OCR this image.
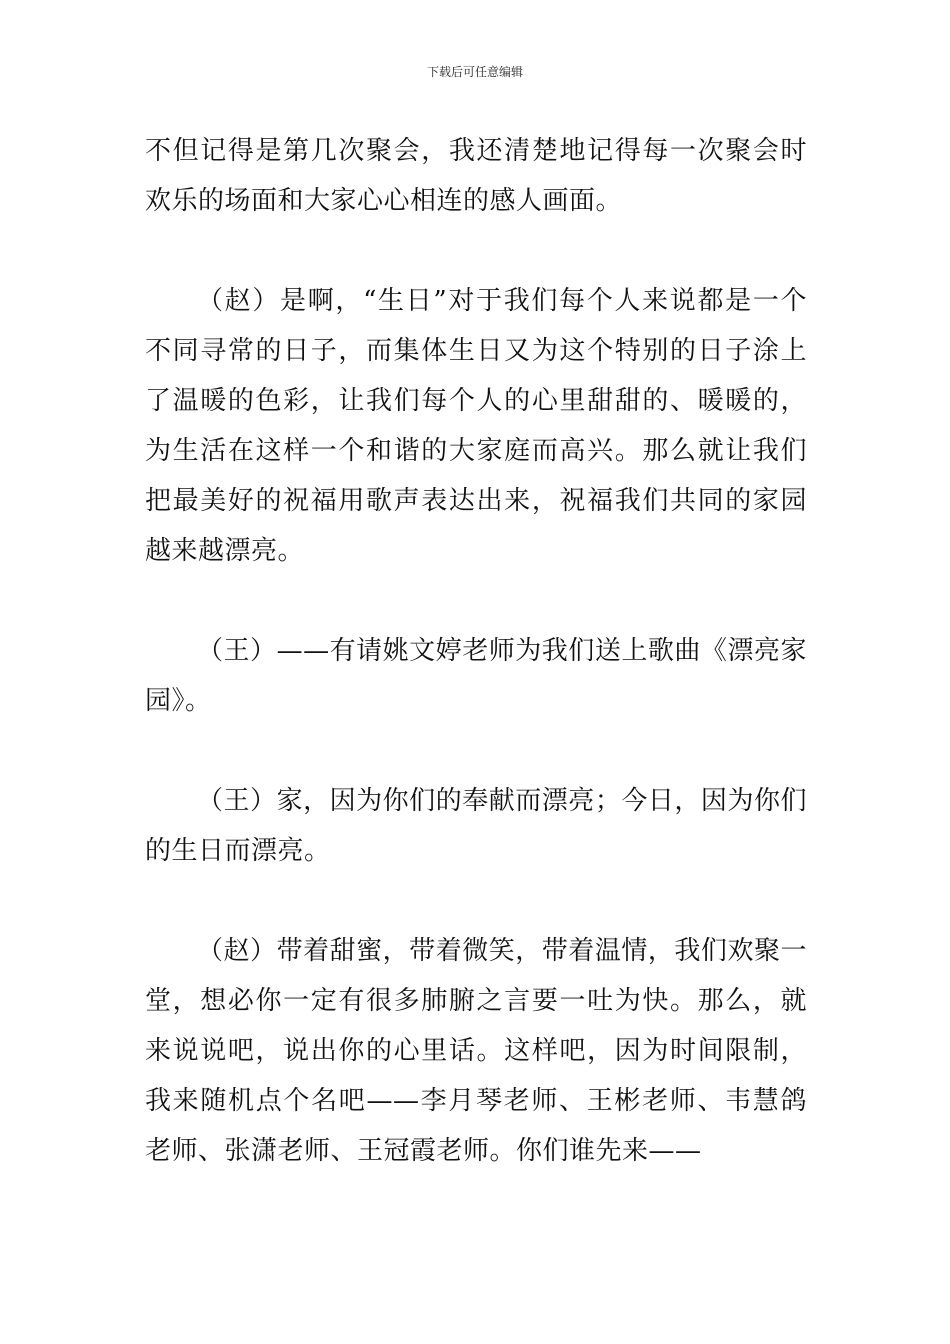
下载后可任意编辑

不但记得是第几次聚会，我还清楚地记得每一次聚会时欢乐的场面和大家心心相连的感人画面。

（赵）是啊，“生日”对于我们每个人来说都是一个不同寻常的日子，而集体生日又为这个特别的日子涂上了温暖的色彩，让我们每个人的心里甜甜的、暖暖的，为生活在这样一个和谐的大家庭而高兴。那么就让我们把最美好的祝福用歌声表达出来，祝福我们共同的家园越来越漂亮。

（王）——有请姚文婷老师为我们送上歌曲《漂亮家园》。

（王）家，因为你们的奉献而漂亮；今日，因为你们的生日而漂亮。

（赵）带着甜蜜，带着微笑，带着温情，我们欢聚一堂，想必你一定有很多肺腑之言要一吐为快。那么，就来说说吧，说出你的心里话。这样吧，因为时间限制，我来随机点个名吧——李月琴老师、王彬老师、韦慧鸽老师、张潇老师、王冠霞老师。你们谁先来——
